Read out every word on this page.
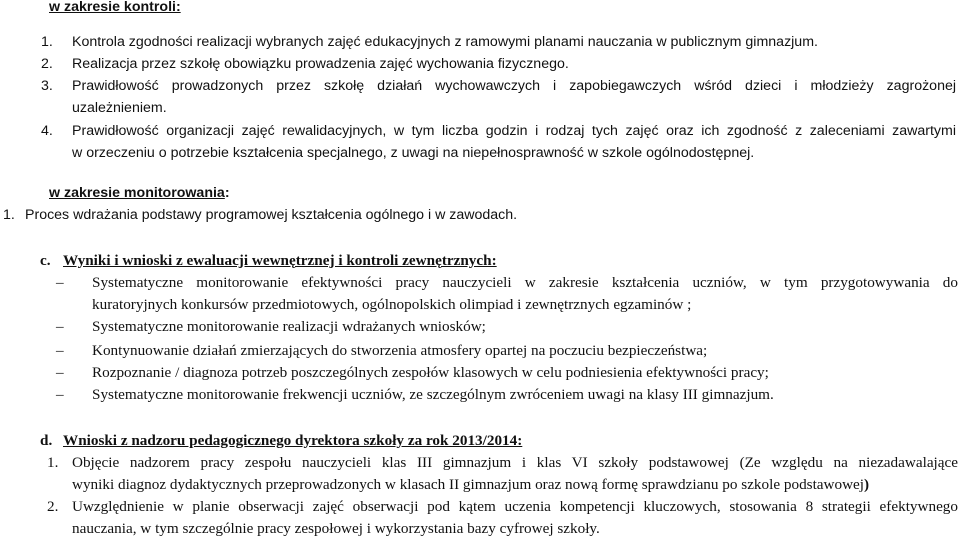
w zakresie kontroli:
1. Kontrola zgodności realizacji wybranych zajęć edukacyjnych z ramowymi planami nauczania w publicznym gimnazjum.
2. Realizacja przez szkołę obowiązku prowadzenia zajęć wychowania fizycznego.
3. Prawidłowość prowadzonych przez szkołę działań wychowawczych i zapobiegawczych wśród dzieci i młodzieży zagrożonej
uzależnieniem.
4. Prawidłowość organizacji zajęć rewalidacyjnych, w tym liczba godzin i rodzaj tych zajęć oraz ich zgodność z zaleceniami zawartymi
w orzeczeniu o potrzebie kształcenia specjalnego, z uwagi na niepełnosprawność w szkole ogólnodostępnej.
w zakresie monitorowania:
1. Proces wdrażania podstawy programowej kształcenia ogólnego i w zawodach.
c. Wyniki i wnioski z ewaluacji wewnętrznej i kontroli zewnętrznych:
– Systematyczne monitorowanie efektywności pracy nauczycieli w zakresie kształcenia uczniów, w tym przygotowywania do
kuratoryjnych konkursów przedmiotowych, ogólnopolskich olimpiad i zewnętrznych egzaminów ;
– Systematyczne monitorowanie realizacji wdrażanych wniosków;
– Kontynuowanie działań zmierzających do stworzenia atmosfery opartej na poczuciu bezpieczeństwa;
– Rozpoznanie / diagnoza potrzeb poszczególnych zespołów klasowych w celu podniesienia efektywności pracy;
– Systematyczne monitorowanie frekwencji uczniów, ze szczególnym zwróceniem uwagi na klasy III gimnazjum.
d. Wnioski z nadzoru pedagogicznego dyrektora szkoły za rok 2013/2014:
1. Objęcie nadzorem pracy zespołu nauczycieli klas III gimnazjum i klas VI szkoły podstawowej (Ze względu na niezadawalające
wyniki diagnoz dydaktycznych przeprowadzonych w klasach II gimnazjum oraz nową formę sprawdzianu po szkole podstawowej)
2. Uwzględnienie w planie obserwacji zajęć obserwacji pod kątem uczenia kompetencji kluczowych, stosowania 8 strategii efektywnego
nauczania, w tym szczególnie pracy zespołowej i wykorzystania bazy cyfrowej szkoły.
